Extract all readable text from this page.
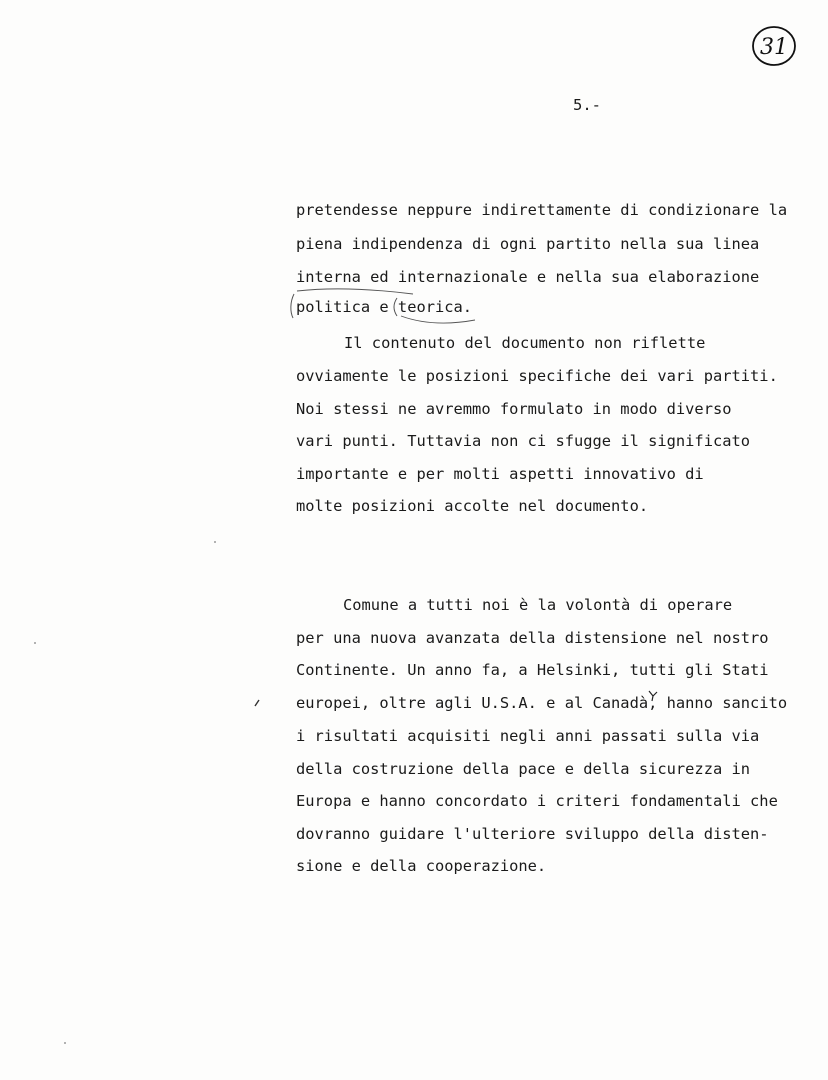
31
5.-
pretendesse neppure indirettamente di condizionare la
piena indipendenza di ogni partito nella sua linea
interna ed internazionale e nella sua elaborazione
politica e teorica.
Il contenuto del documento non riflette
ovviamente le posizioni specifiche dei vari partiti.
Noi stessi ne avremmo formulato in modo diverso
vari punti. Tuttavia non ci sfugge il significato
importante e per molti aspetti innovativo di
molte posizioni accolte nel documento.
Comune a tutti noi è la volontà di operare
per una nuova avanzata della distensione nel nostro
Continente. Un anno fa, a Helsinki, tutti gli Stati
europei, oltre agli U.S.A. e al Canadà, hanno sancito
i risultati acquisiti negli anni passati sulla via
della costruzione della pace e della sicurezza in
Europa e hanno concordato i criteri fondamentali che
dovranno guidare l'ulteriore sviluppo della disten-
sione e della cooperazione.
